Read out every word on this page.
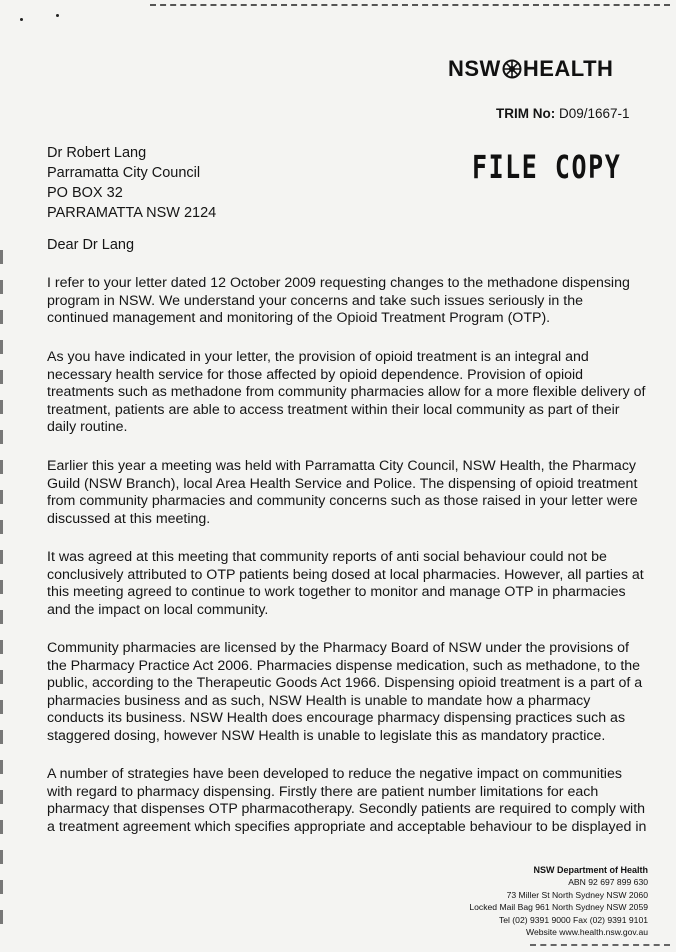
NSW HEALTH
TRIM No: D09/1667-1
FILE COPY
Dr Robert Lang
Parramatta City Council
PO BOX 32
PARRAMATTA NSW 2124
Dear Dr Lang

I refer to your letter dated 12 October 2009 requesting changes to the methadone dispensing program in NSW. We understand your concerns and take such issues seriously in the continued management and monitoring of the Opioid Treatment Program (OTP).

As you have indicated in your letter, the provision of opioid treatment is an integral and necessary health service for those affected by opioid dependence. Provision of opioid treatments such as methadone from community pharmacies allow for a more flexible delivery of treatment, patients are able to access treatment within their local community as part of their daily routine.

Earlier this year a meeting was held with Parramatta City Council, NSW Health, the Pharmacy Guild (NSW Branch), local Area Health Service and Police. The dispensing of opioid treatment from community pharmacies and community concerns such as those raised in your letter were discussed at this meeting.

It was agreed at this meeting that community reports of anti social behaviour could not be conclusively attributed to OTP patients being dosed at local pharmacies. However, all parties at this meeting agreed to continue to work together to monitor and manage OTP in pharmacies and the impact on local community.

Community pharmacies are licensed by the Pharmacy Board of NSW under the provisions of the Pharmacy Practice Act 2006. Pharmacies dispense medication, such as methadone, to the public, according to the Therapeutic Goods Act 1966. Dispensing opioid treatment is a part of a pharmacies business and as such, NSW Health is unable to mandate how a pharmacy conducts its business. NSW Health does encourage pharmacy dispensing practices such as staggered dosing, however NSW Health is unable to legislate this as mandatory practice.

A number of strategies have been developed to reduce the negative impact on communities with regard to pharmacy dispensing. Firstly there are patient number limitations for each pharmacy that dispenses OTP pharmacotherapy. Secondly patients are required to comply with a treatment agreement which specifies appropriate and acceptable behaviour to be displayed in

NSW Department of Health
ABN 92 697 899 630
73 Miller St North Sydney NSW 2060
Locked Mail Bag 961 North Sydney NSW 2059
Tel (02) 9391 9000 Fax (02) 9391 9101
Website www.health.nsw.gov.au
